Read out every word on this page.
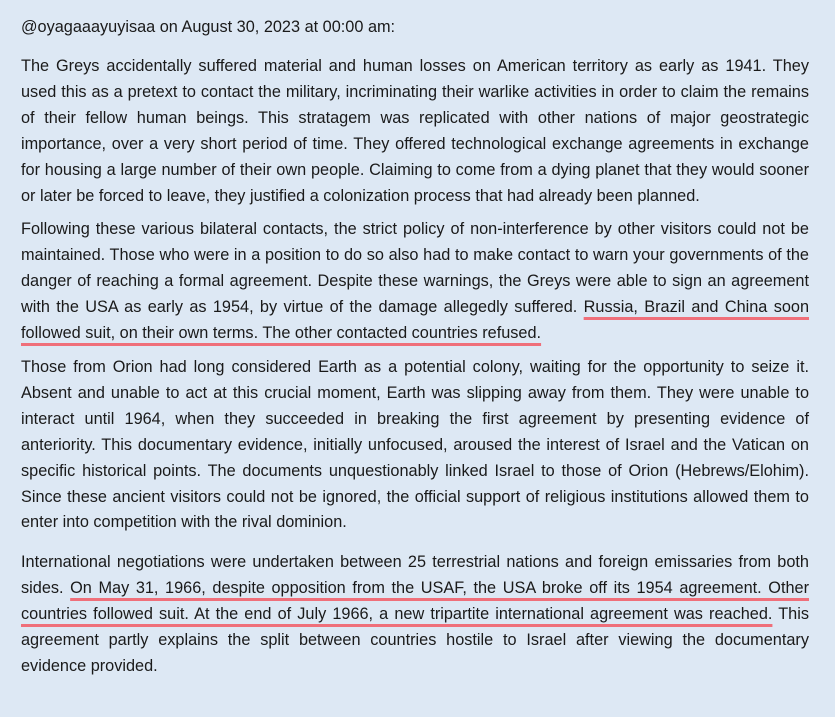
@oyagaaayuyisaa on August 30, 2023 at 00:00 am:

The Greys accidentally suffered material and human losses on American territory as early as 1941. They used this as a pretext to contact the military, incriminating their warlike activities in order to claim the remains of their fellow human beings. This stratagem was replicated with other nations of major geostrategic importance, over a very short period of time. They offered technological exchange agreements in exchange for housing a large number of their own people. Claiming to come from a dying planet that they would sooner or later be forced to leave, they justified a colonization process that had already been planned.

Following these various bilateral contacts, the strict policy of non-interference by other visitors could not be maintained. Those who were in a position to do so also had to make contact to warn your governments of the danger of reaching a formal agreement. Despite these warnings, the Greys were able to sign an agreement with the USA as early as 1954, by virtue of the damage allegedly suffered. Russia, Brazil and China soon followed suit, on their own terms. The other contacted countries refused.

Those from Orion had long considered Earth as a potential colony, waiting for the opportunity to seize it. Absent and unable to act at this crucial moment, Earth was slipping away from them. They were unable to interact until 1964, when they succeeded in breaking the first agreement by presenting evidence of anteriority. This documentary evidence, initially unfocused, aroused the interest of Israel and the Vatican on specific historical points. The documents unquestionably linked Israel to those of Orion (Hebrews/Elohim). Since these ancient visitors could not be ignored, the official support of religious institutions allowed them to enter into competition with the rival dominion.

International negotiations were undertaken between 25 terrestrial nations and foreign emissaries from both sides. On May 31, 1966, despite opposition from the USAF, the USA broke off its 1954 agreement. Other countries followed suit. At the end of July 1966, a new tripartite international agreement was reached. This agreement partly explains the split between countries hostile to Israel after viewing the documentary evidence provided.
